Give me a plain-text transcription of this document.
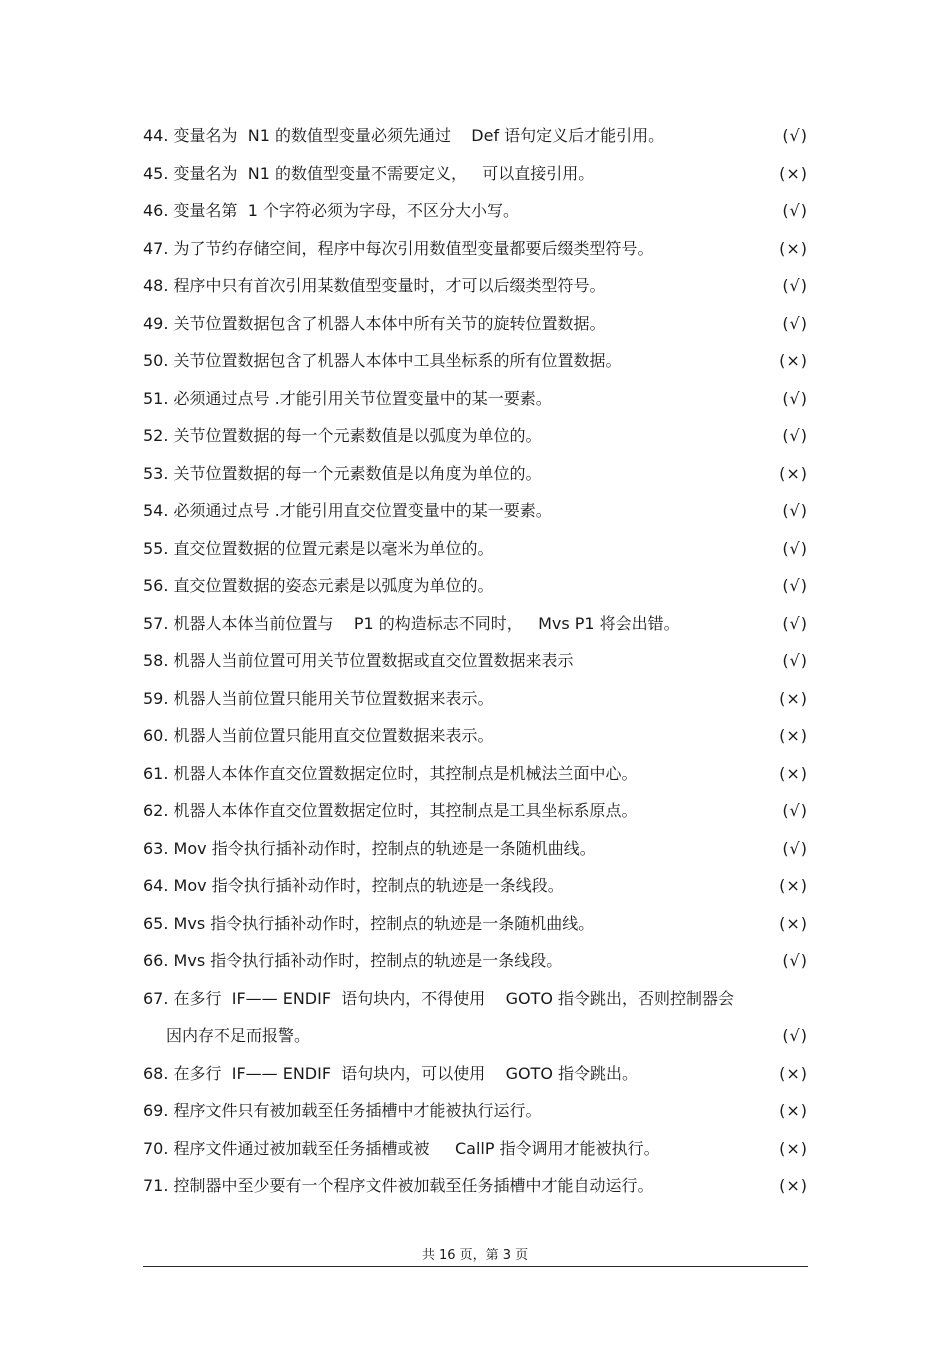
44. 变量名为  N1 的数值型变量必须先通过    Def 语句定义后才能引用。	(√)
45. 变量名为  N1 的数值型变量不需要定义，   可以直接引用。	(×)
46. 变量名第  1 个字符必须为字母，不区分大小写。	(√)
47. 为了节约存储空间，程序中每次引用数值型变量都要后缀类型符号。	(×)
48. 程序中只有首次引用某数值型变量时，才可以后缀类型符号。	(√)
49. 关节位置数据包含了机器人本体中所有关节的旋转位置数据。	(√)
50. 关节位置数据包含了机器人本体中工具坐标系的所有位置数据。	(×)
51. 必须通过点号 .才能引用关节位置变量中的某一要素。	(√)
52. 关节位置数据的每一个元素数值是以弧度为单位的。	(√)
53. 关节位置数据的每一个元素数值是以角度为单位的。	(×)
54. 必须通过点号 .才能引用直交位置变量中的某一要素。	(√)
55. 直交位置数据的位置元素是以毫米为单位的。	(√)
56. 直交位置数据的姿态元素是以弧度为单位的。	(√)
57. 机器人本体当前位置与    P1 的构造标志不同时，   Mvs P1 将会出错。	(√)
58. 机器人当前位置可用关节位置数据或直交位置数据来表示	(√)
59. 机器人当前位置只能用关节位置数据来表示。	(×)
60. 机器人当前位置只能用直交位置数据来表示。	(×)
61. 机器人本体作直交位置数据定位时，其控制点是机械法兰面中心。	(×)
62. 机器人本体作直交位置数据定位时，其控制点是工具坐标系原点。	(√)
63. Mov 指令执行插补动作时，控制点的轨迹是一条随机曲线。	(√)
64. Mov 指令执行插补动作时，控制点的轨迹是一条线段。	(×)
65. Mvs 指令执行插补动作时，控制点的轨迹是一条随机曲线。	(×)
66. Mvs 指令执行插补动作时，控制点的轨迹是一条线段。	(√)
67. 在多行  IF—— ENDIF  语句块内，不得使用    GOTO 指令跳出，否则控制器会
因内存不足而报警。	(√)
68. 在多行  IF—— ENDIF  语句块内，可以使用    GOTO 指令跳出。	(×)
69. 程序文件只有被加载至任务插槽中才能被执行运行。	(×)
70. 程序文件通过被加载至任务插槽或被     CallP 指令调用才能被执行。	(×)
71. 控制器中至少要有一个程序文件被加载至任务插槽中才能自动运行。	(×)
共 16 页，第 3 页
